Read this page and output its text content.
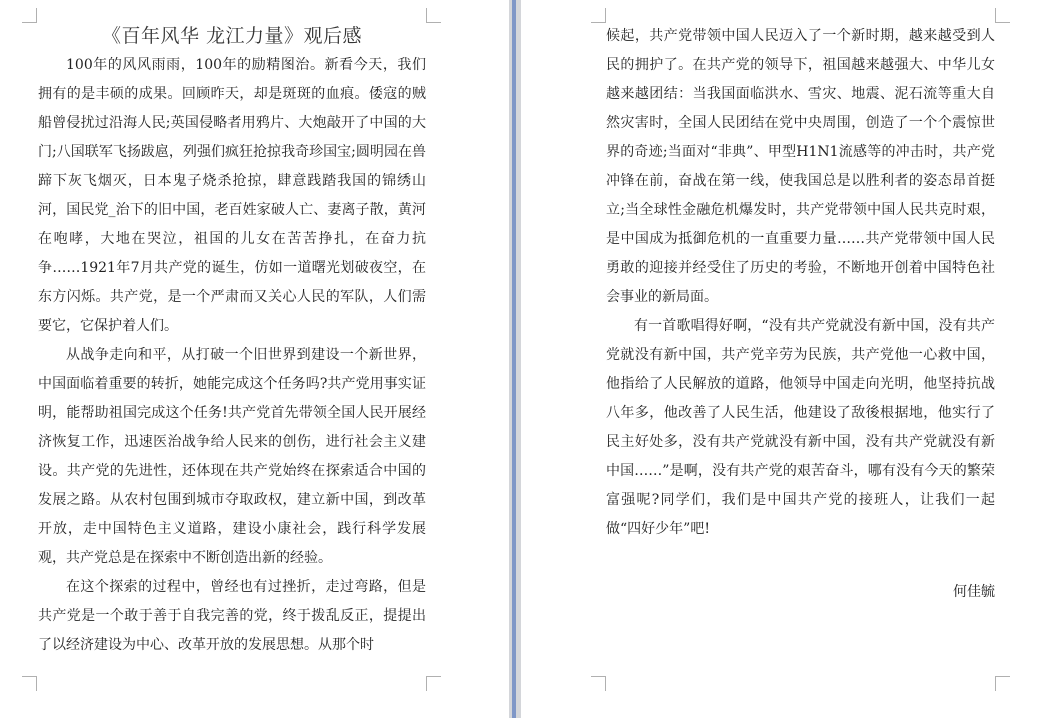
《百年风华 龙江力量》观后感

100年的风风雨雨，100年的励精图治。新看今天，我们拥有的是丰硕的成果。回顾昨天，却是斑斑的血痕。倭寇的贼船曾侵扰过沿海人民;英国侵略者用鸦片、大炮敲开了中国的大门;八国联军飞扬跋扈，列强们疯狂抢掠我奇珍国宝;圆明园在兽蹄下灰飞烟灭，日本鬼子烧杀抢掠，肆意践踏我国的锦绣山河，国民党_治下的旧中国，老百姓家破人亡、妻离子散，黄河在咆哮，大地在哭泣，祖国的儿女在苦苦挣扎，在奋力抗争……1921年7月共产党的诞生，仿如一道曙光划破夜空，在东方闪烁。共产党，是一个严肃而又关心人民的军队，人们需要它，它保护着人们。

从战争走向和平，从打破一个旧世界到建设一个新世界，中国面临着重要的转折，她能完成这个任务吗?共产党用事实证明，能帮助祖国完成这个任务!共产党首先带领全国人民开展经济恢复工作，迅速医治战争给人民来的创伤，进行社会主义建设。共产党的先进性，还体现在共产党始终在探索适合中国的发展之路。从农村包围到城市夺取政权，建立新中国，到改革开放，走中国特色主义道路，建设小康社会，践行科学发展观，共产党总是在探索中不断创造出新的经验。

在这个探索的过程中，曾经也有过挫折，走过弯路，但是共产党是一个敢于善于自我完善的党，终于拨乱反正，提提出了以经济建设为中心、改革开放的发展思想。从那个时

候起，共产党带领中国人民迈入了一个新时期，越来越受到人民的拥护了。在共产党的领导下，祖国越来越强大、中华儿女越来越团结：当我国面临洪水、雪灾、地震、泥石流等重大自然灾害时，全国人民团结在党中央周围，创造了一个个震惊世界的奇迹;当面对“非典”、甲型H1N1流感等的冲击时，共产党冲锋在前，奋战在第一线，使我国总是以胜利者的姿态昂首挺立;当全球性金融危机爆发时，共产党带领中国人民共克时艰，是中国成为抵御危机的一直重要力量……共产党带领中国人民勇敢的迎接并经受住了历史的考验，不断地开创着中国特色社会事业的新局面。

有一首歌唱得好啊，“没有共产党就没有新中国，没有共产党就没有新中国，共产党辛劳为民族，共产党他一心救中国，他指给了人民解放的道路，他领导中国走向光明，他坚持抗战八年多，他改善了人民生活，他建设了敌後根据地，他实行了民主好处多，没有共产党就没有新中国，没有共产党就没有新中国……”是啊，没有共产党的艰苦奋斗，哪有没有今天的繁荣富强呢?同学们，我们是中国共产党的接班人，让我们一起做“四好少年”吧!

何佳毓
